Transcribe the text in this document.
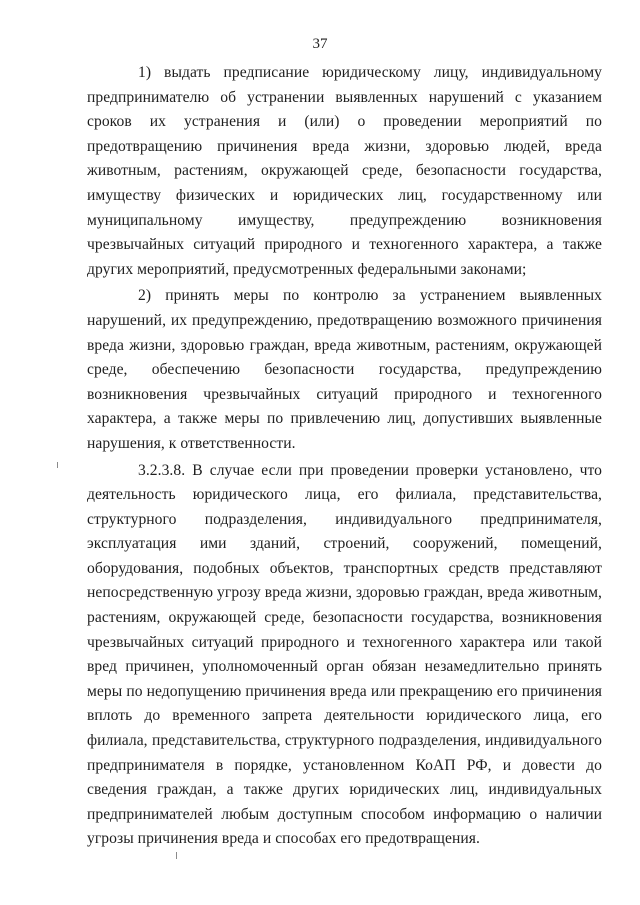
37

1) выдать предписание юридическому лицу, индивидуальному предпринимателю об устранении выявленных нарушений с указанием сроков их устранения и (или) о проведении мероприятий по предотвращению причинения вреда жизни, здоровью людей, вреда животным, растениям, окружающей среде, безопасности государства, имуществу физических и юридических лиц, государственному или муниципальному имуществу, предупреждению возникновения чрезвычайных ситуаций природного и техногенного характера, а также других мероприятий, предусмотренных федеральными законами;

2) принять меры по контролю за устранением выявленных нарушений, их предупреждению, предотвращению возможного причинения вреда жизни, здоровью граждан, вреда животным, растениям, окружающей среде, обеспечению безопасности государства, предупреждению возникновения чрезвычайных ситуаций природного и техногенного характера, а также меры по привлечению лиц, допустивших выявленные нарушения, к ответственности.

3.2.3.8. В случае если при проведении проверки установлено, что деятельность юридического лица, его филиала, представительства, структурного подразделения, индивидуального предпринимателя, эксплуатация ими зданий, строений, сооружений, помещений, оборудования, подобных объектов, транспортных средств представляют непосредственную угрозу вреда жизни, здоровью граждан, вреда животным, растениям, окружающей среде, безопасности государства, возникновения чрезвычайных ситуаций природного и техногенного характера или такой вред причинен, уполномоченный орган обязан незамедлительно принять меры по недопущению причинения вреда или прекращению его причинения вплоть до временного запрета деятельности юридического лица, его филиала, представительства, структурного подразделения, индивидуального предпринимателя в порядке, установленном КоАП РФ, и довести до сведения граждан, а также других юридических лиц, индивидуальных предпринимателей любым доступным способом информацию о наличии угрозы причинения вреда и способах его предотвращения.
